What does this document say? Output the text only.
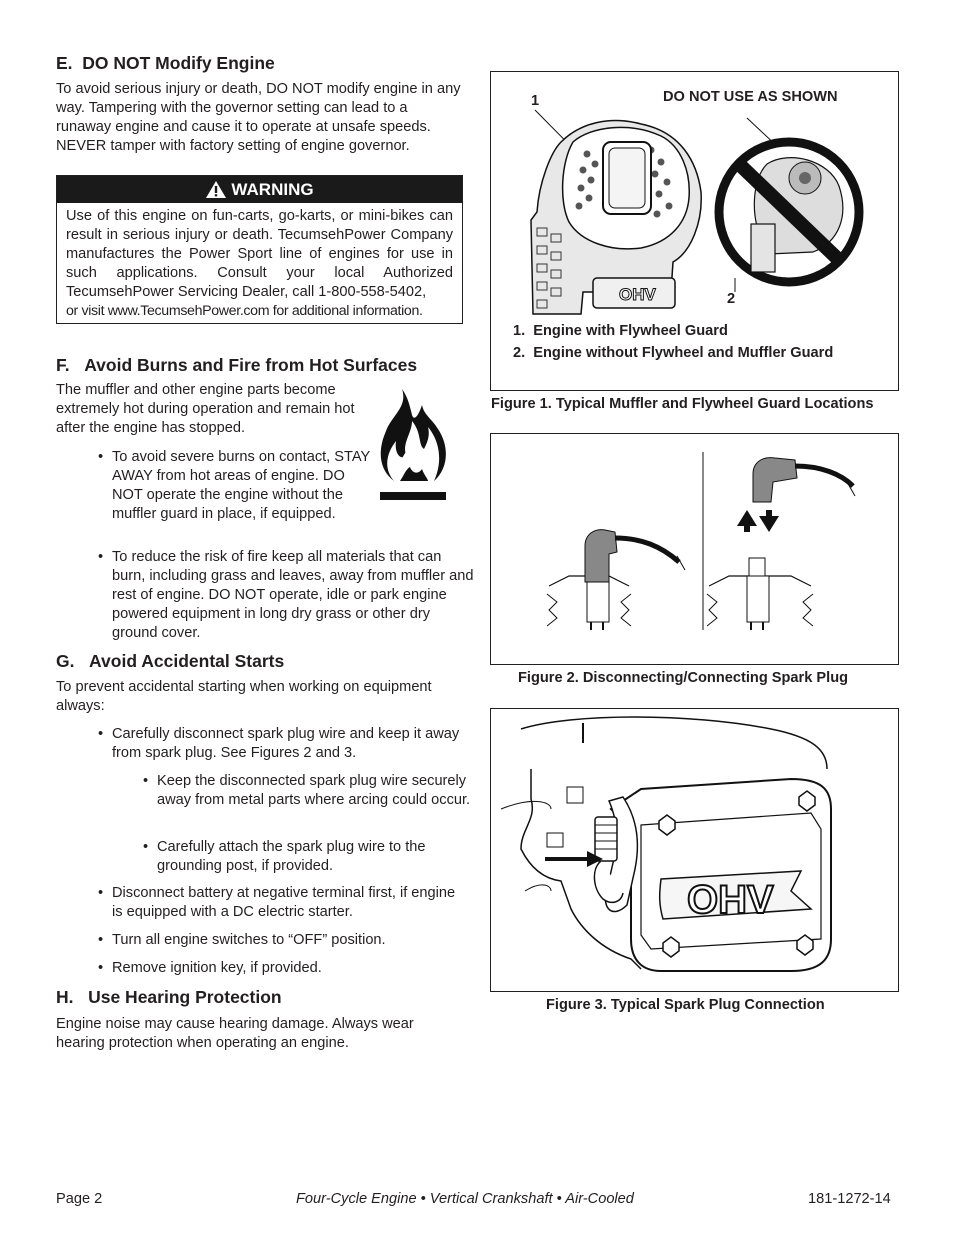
E.  DO NOT Modify Engine

To avoid serious injury or death, DO NOT modify engine in any way. Tampering with the governor setting can lead to a runaway engine and cause it to operate at unsafe speeds. NEVER tamper with factory setting of engine governor.

WARNING
Use of this engine on fun-carts, go-karts, or mini-bikes can result in serious injury or death. TecumsehPower Company manufactures the Power Sport line of engines for use in such applications. Consult your local Authorized TecumsehPower Servicing Dealer, call 1-800-558-5402,
or visit www.TecumsehPower.com for additional information.
F.   Avoid Burns and Fire from Hot Surfaces

The muffler and other engine parts become extremely hot during operation and remain hot after the engine has stopped.

• To avoid severe burns on contact, STAY AWAY from hot areas of engine. DO NOT operate the engine without the muffler guard in place, if equipped.

• To reduce the risk of fire keep all materials that can burn, including grass and leaves, away from muffler and rest of engine. DO NOT operate, idle or park engine powered equipment in long dry grass or other dry ground cover.

G.   Avoid Accidental Starts

To prevent accidental starting when working on equipment always:

• Carefully disconnect spark plug wire and keep it away from spark plug. See Figures 2 and 3.

• Keep the disconnected spark plug wire securely away from metal parts where arcing could occur.

• Carefully attach the spark plug wire to the grounding post, if provided.

• Disconnect battery at negative terminal first, if engine is equipped with a DC electric starter.

• Turn all engine switches to “OFF” position.

• Remove ignition key, if provided.

H.   Use Hearing Protection

Engine noise may cause hearing damage. Always wear hearing protection when operating an engine.

1	DO NOT USE AS SHOWN
OHV	2
1.  Engine with Flywheel Guard
2.  Engine without Flywheel and Muffler Guard
Figure 1. Typical Muffler and Flywheel Guard Locations
Figure 2. Disconnecting/Connecting Spark Plug
OHV
Figure 3. Typical Spark Plug Connection
Page 2	Four-Cycle Engine • Vertical Crankshaft • Air-Cooled	181-1272-14
